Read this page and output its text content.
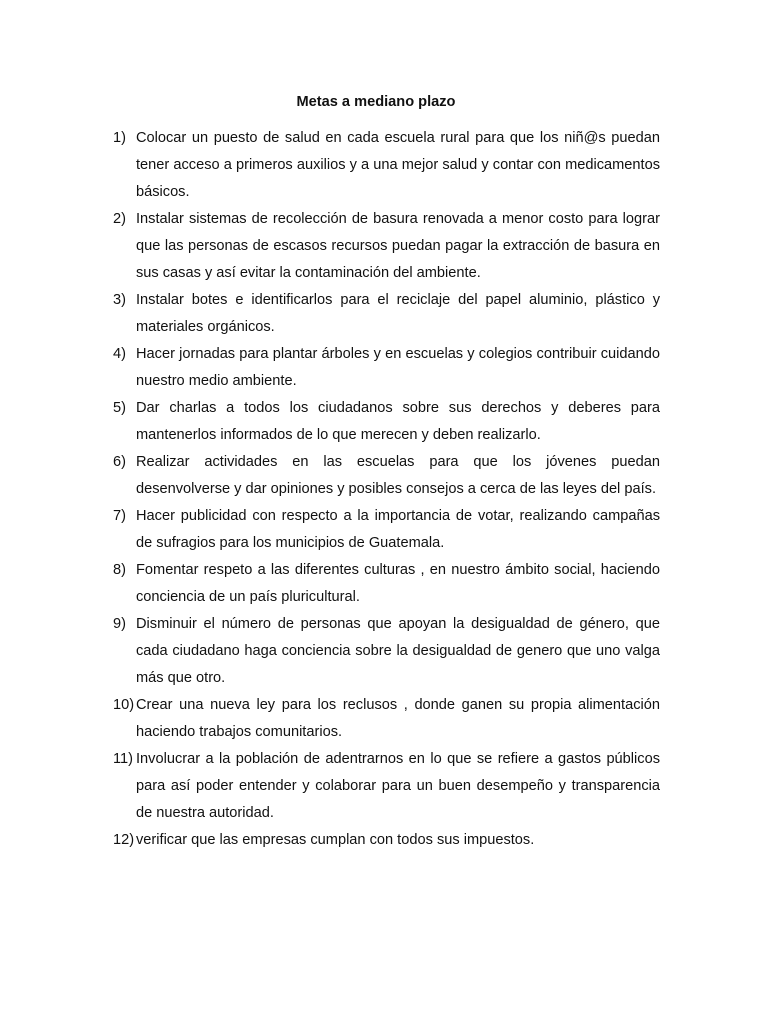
Metas a mediano plazo
1) Colocar un puesto de salud en cada escuela rural para que los niñ@s puedan tener acceso a primeros auxilios y a una mejor salud y contar con medicamentos básicos.
2) Instalar sistemas de recolección de basura renovada a menor costo para lograr que las personas de escasos recursos puedan pagar la extracción de basura en sus casas y así evitar la contaminación del ambiente.
3) Instalar botes e identificarlos para el reciclaje del papel aluminio, plástico y materiales orgánicos.
4) Hacer jornadas para plantar árboles y en escuelas y colegios contribuir cuidando nuestro medio ambiente.
5) Dar charlas a todos los ciudadanos sobre sus derechos y deberes para mantenerlos informados de lo que merecen y deben realizarlo.
6) Realizar actividades en las escuelas para que los jóvenes puedan desenvolverse y dar opiniones y posibles consejos a cerca de las leyes del país.
7) Hacer publicidad con respecto a la importancia de votar, realizando campañas de sufragios para los municipios de Guatemala.
8) Fomentar respeto a las diferentes culturas , en nuestro ámbito social, haciendo conciencia de un país pluricultural.
9) Disminuir el número de personas que apoyan la desigualdad de género, que cada ciudadano haga conciencia sobre la desigualdad de genero que uno valga más que otro.
10) Crear una nueva ley para los reclusos , donde ganen su propia alimentación haciendo trabajos comunitarios.
11) Involucrar a la población de adentrarnos en lo que se refiere a gastos públicos para así poder entender y colaborar para un buen desempeño y transparencia de nuestra autoridad.
12) verificar que las empresas cumplan con todos sus impuestos.
